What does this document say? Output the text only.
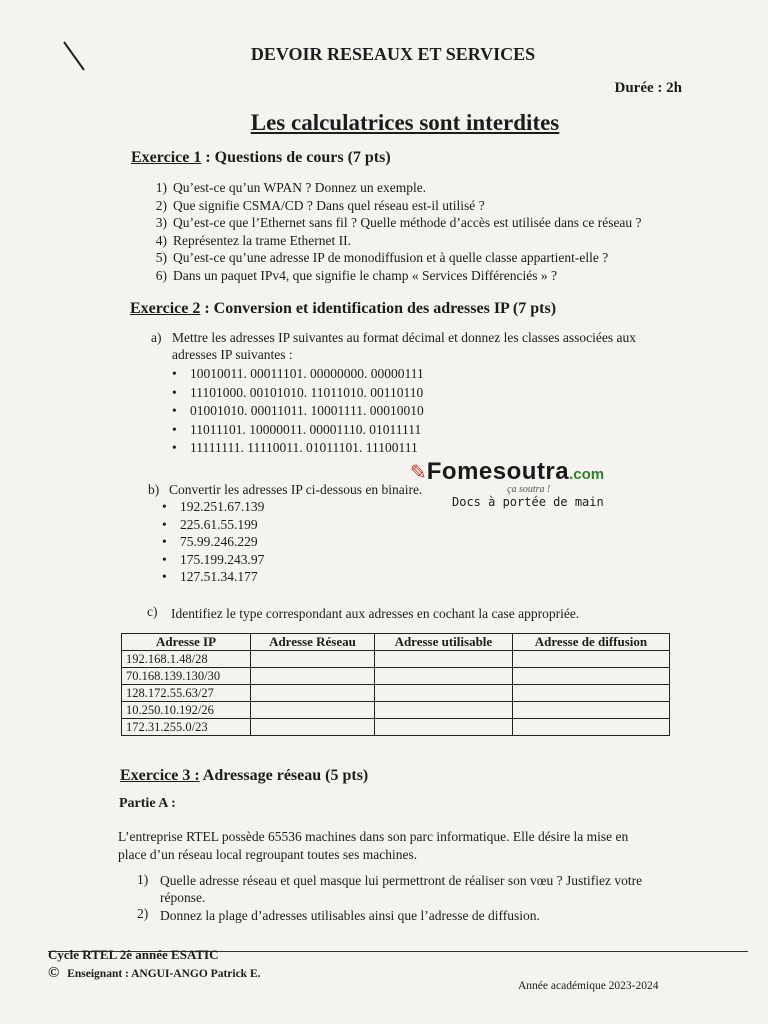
DEVOIR RESEAUX ET SERVICES
Durée : 2h
Les calculatrices sont interdites
Exercice 1 : Questions de cours (7 pts)
1) Qu’est-ce qu’un WPAN ? Donnez un exemple.
2) Que signifie CSMA/CD ? Dans quel réseau est-il utilisé ?
3) Qu’est-ce que l’Ethernet sans fil ? Quelle méthode d’accès est utilisée dans ce réseau ?
4) Représentez la trame Ethernet II.
5) Qu’est-ce qu’une adresse IP de monodiffusion et à quelle classe appartient-elle ?
6) Dans un paquet IPv4, que signifie le champ « Services Différenciés » ?
Exercice 2 : Conversion et identification des adresses IP (7 pts)
a) Mettre les adresses IP suivantes au format décimal et donnez les classes associées aux
adresses IP suivantes :
• 10010011. 00011101. 00000000. 00000111
• 11101000. 00101010. 11011010. 00110110
• 01001010. 00011011. 10001111. 00010010
• 11011101. 10000011. 00001110. 01011111
• 11111111. 11110011. 01011101. 11100111
✎Fomesoutra.com
ça soutra !
Docs à portée de main
b) Convertir les adresses IP ci-dessous en binaire.
• 192.251.67.139
• 225.61.55.199
• 75.99.246.229
• 175.199.243.97
• 127.51.34.177
c) Identifiez le type correspondant aux adresses en cochant la case appropriée.
Adresse IP	Adresse Réseau	Adresse utilisable	Adresse de diffusion
192.168.1.48/28			
70.168.139.130/30			
128.172.55.63/27			
10.250.10.192/26			
172.31.255.0/23			
Exercice 3 : Adressage réseau (5 pts)
Partie A :
L’entreprise RTEL possède 65536 machines dans son parc informatique. Elle désire la mise en
place d’un réseau local regroupant toutes ses machines.
1) Quelle adresse réseau et quel masque lui permettront de réaliser son vœu ? Justifiez votre
réponse.
2) Donnez la plage d’adresses utilisables ainsi que l’adresse de diffusion.
Cycle RTEL 2è année ESATIC
© Enseignant : ANGUI-ANGO Patrick E.
Année académique 2023-2024
